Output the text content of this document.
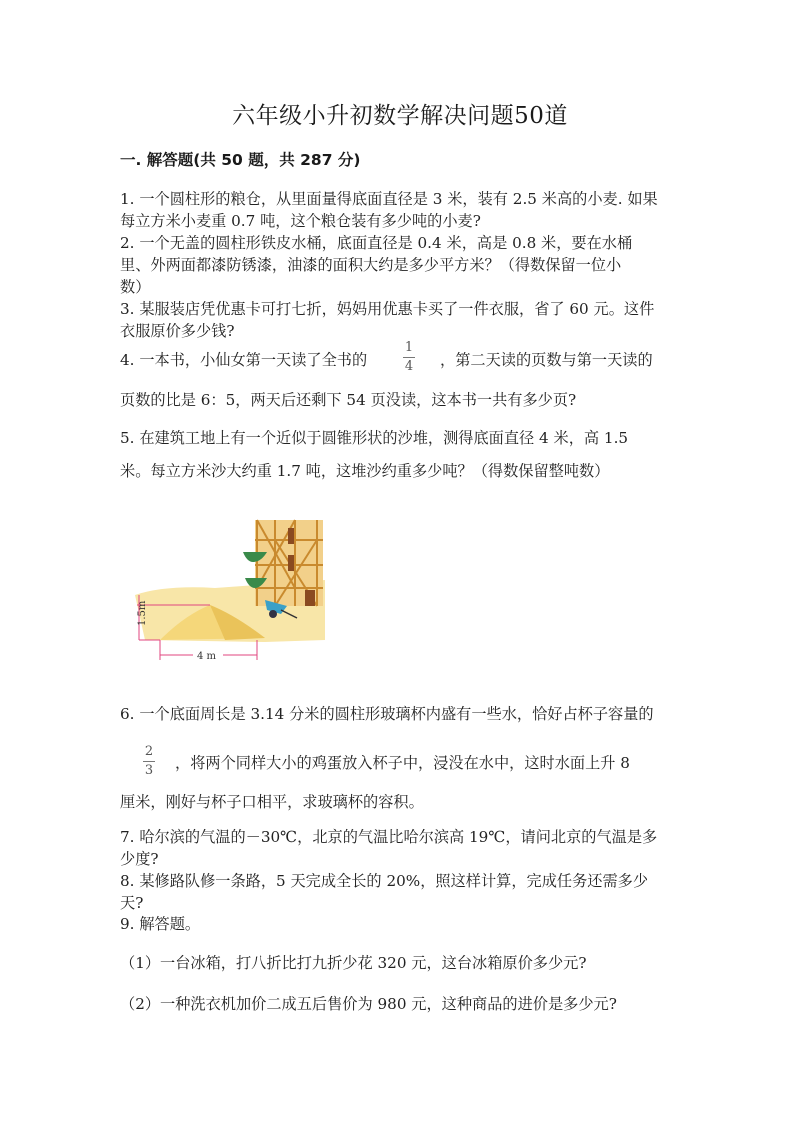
六年级小升初数学解决问题50道
一. 解答题(共 50 题，共 287 分)
1. 一个圆柱形的粮仓，从里面量得底面直径是 3 米，装有 2.5 米高的小麦. 如果
每立方米小麦重 0.7 吨，这个粮仓装有多少吨的小麦?
2. 一个无盖的圆柱形铁皮水桶，底面直径是 0.4 米，高是 0.8 米，要在水桶
里、外两面都漆防锈漆，油漆的面积大约是多少平方米？（得数保留一位小
数）
3. 某服装店凭优惠卡可打七折，妈妈用优惠卡买了一件衣服，省了 60 元。这件
衣服原价多少钱?
4. 一本书，小仙女第一天读了全书的
1
4 ，第二天读的页数与第一天读的
页数的比是 6：5，两天后还剩下 54 页没读，这本书一共有多少页?
5. 在建筑工地上有一个近似于圆锥形状的沙堆，测得底面直径 4 米，高 1.5
米。每立方米沙大约重 1.7 吨，这堆沙约重多少吨？（得数保留整吨数）
1.5m
4 m
6. 一个底面周长是 3.14 分米的圆柱形玻璃杯内盛有一些水，恰好占杯子容量的
2
3 ，将两个同样大小的鸡蛋放入杯子中，浸没在水中，这时水面上升 8
厘米，刚好与杯子口相平，求玻璃杯的容积。
7. 哈尔滨的气温的－30℃，北京的气温比哈尔滨高 19℃，请问北京的气温是多
少度?
8. 某修路队修一条路，5 天完成全长的 20%，照这样计算，完成任务还需多少
天?
9. 解答题。
（1）一台冰箱，打八折比打九折少花 320 元，这台冰箱原价多少元?
（2）一种洗衣机加价二成五后售价为 980 元，这种商品的进价是多少元?
